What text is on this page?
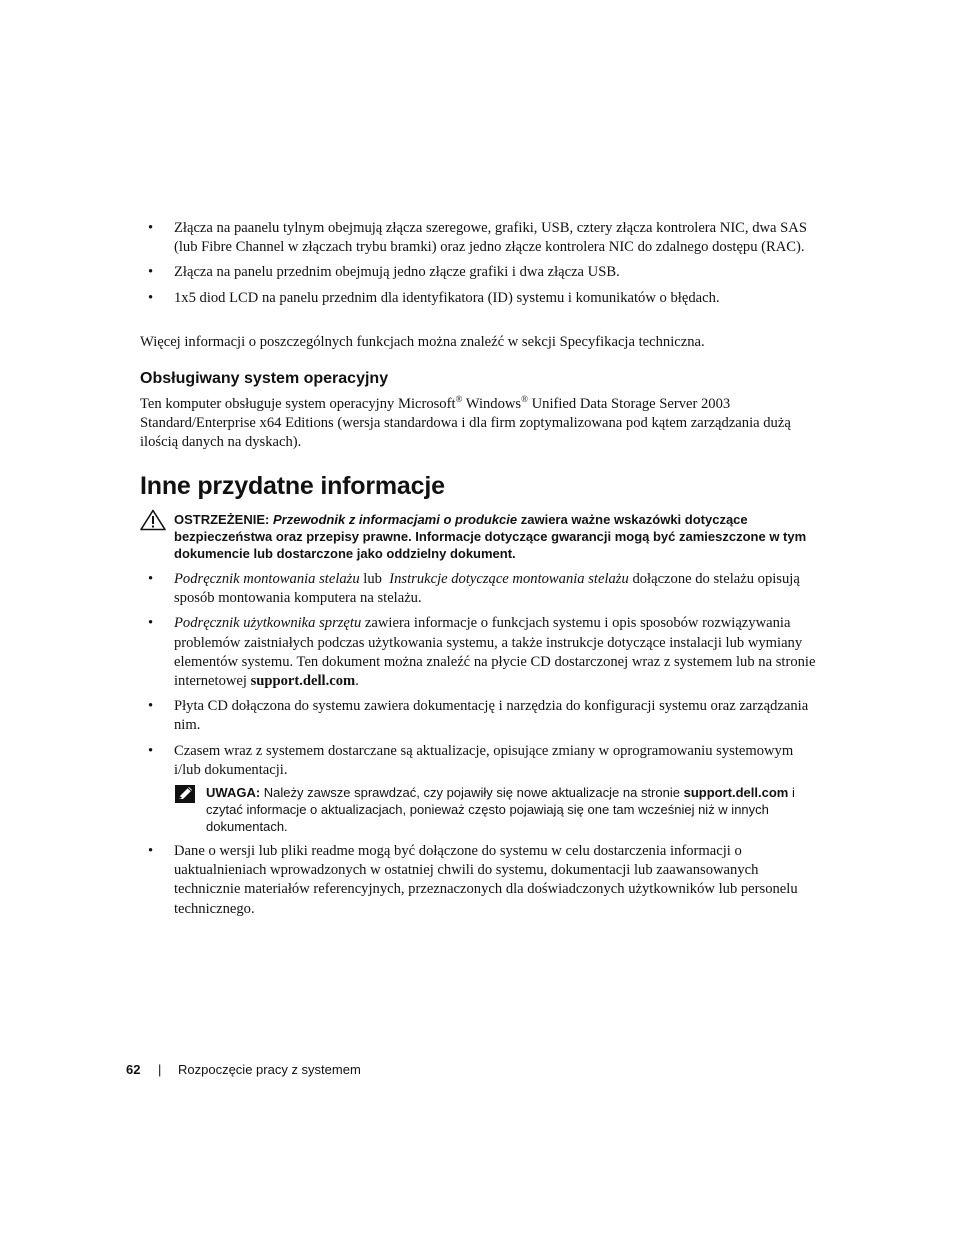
• Złącza na paanelu tylnym obejmują złącza szeregowe, grafiki, USB, cztery złącza kontrolera NIC, dwa SAS (lub Fibre Channel w złączach trybu bramki) oraz jedno złącze kontrolera NIC do zdalnego dostępu (RAC).
• Złącza na panelu przednim obejmują jedno złącze grafiki i dwa złącza USB.
• 1x5 diod LCD na panelu przednim dla identyfikatora (ID) systemu i komunikatów o błędach.
Więcej informacji o poszczególnych funkcjach można znaleźć w sekcji Specyfikacja techniczna.
Obsługiwany system operacyjny
Ten komputer obsługuje system operacyjny Microsoft® Windows® Unified Data Storage Server 2003 Standard/Enterprise x64 Editions (wersja standardowa i dla firm zoptymalizowana pod kątem zarządzania dużą ilością danych na dyskach).
Inne przydatne informacje
OSTRZEŻENIE: Przewodnik z informacjami o produkcie zawiera ważne wskazówki dotyczące bezpieczeństwa oraz przepisy prawne. Informacje dotyczące gwarancji mogą być zamieszczone w tym dokumencie lub dostarczone jako oddzielny dokument.
• Podręcznik montowania stelażu lub  Instrukcje dotyczące montowania stelażu dołączone do stelażu opisują sposób montowania komputera na stelażu.
• Podręcznik użytkownika sprzętu zawiera informacje o funkcjach systemu i opis sposobów rozwiązywania problemów zaistniałych podczas użytkowania systemu, a także instrukcje dotyczące instalacji lub wymiany elementów systemu. Ten dokument można znaleźć na płycie CD dostarczonej wraz z systemem lub na stronie internetowej support.dell.com.
• Płyta CD dołączona do systemu zawiera dokumentację i narzędzia do konfiguracji systemu oraz zarządzania nim.
• Czasem wraz z systemem dostarczane są aktualizacje, opisujące zmiany w oprogramowaniu systemowym i/lub dokumentacji.
UWAGA: Należy zawsze sprawdzać, czy pojawiły się nowe aktualizacje na stronie support.dell.com i czytać informacje o aktualizacjach, ponieważ często pojawiają się one tam wcześniej niż w innych dokumentach.
• Dane o wersji lub pliki readme mogą być dołączone do systemu w celu dostarczenia informacji o uaktualnieniach wprowadzonych w ostatniej chwili do systemu, dokumentacji lub zaawansowanych technicznie materiałów referencyjnych, przeznaczonych dla doświadczonych użytkowników lub personelu technicznego.
62 | Rozpoczęcie pracy z systemem
